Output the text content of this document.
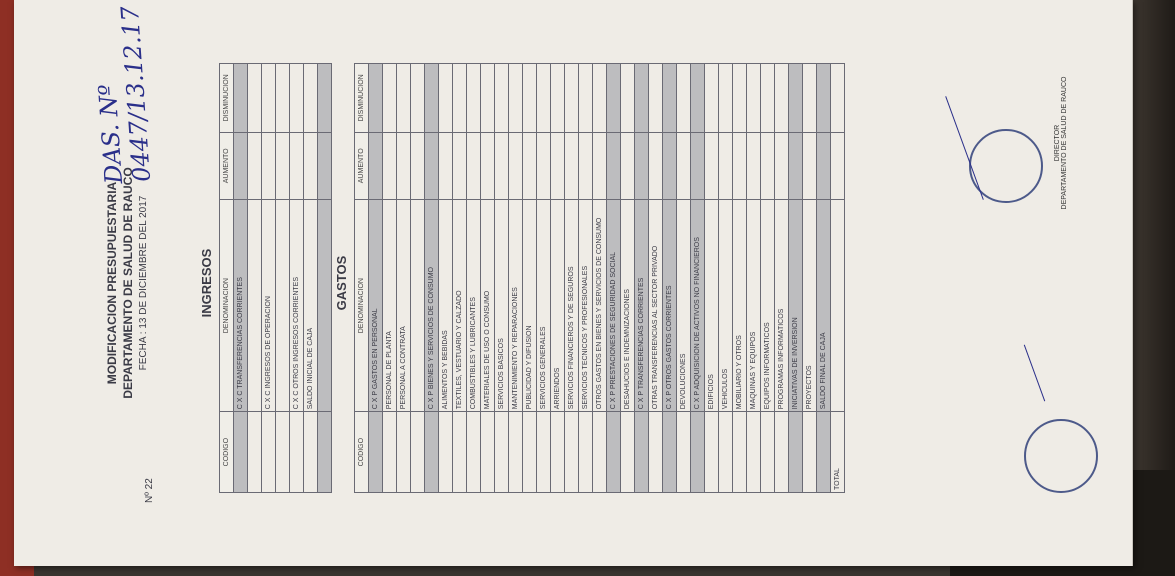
Nº 22
MODIFICACION PRESUPUESTARIA DEPARTAMENTO DE SALUD DE RAUCO FECHA : 13 DE DICIEMBRE DEL 2017
DAS. Nº 0447/13.12.17
INGRESOS
CODIGO	DENOMINACION	AUMENTO	DISMINUCION
	C X C TRANSFERENCIAS CORRIENTES		

	C X C INGRESOS DE OPERACION		

	C X C OTROS INGRESOS CORRIENTES		
	SALDO INICIAL DE CAJA		

GASTOS
CODIGO	DENOMINACION	AUMENTO	DISMINUCION
	C X P GASTOS EN PERSONAL		
	PERSONAL DE PLANTA		
	PERSONAL A CONTRATA		

	C X P BIENES Y SERVICIOS DE CONSUMO		
	ALIMENTOS Y BEBIDAS		
	TEXTILES, VESTUARIO Y CALZADO		
	COMBUSTIBLES Y LUBRICANTES		
	MATERIALES DE USO O CONSUMO		
	SERVICIOS BASICOS		
	MANTENIMIENTO Y REPARACIONES		
	PUBLICIDAD Y DIFUSION		
	SERVICIOS GENERALES		
	ARRIENDOS		
	SERVICIOS FINANCIEROS Y DE SEGUROS		
	SERVICIOS TECNICOS Y PROFESIONALES		
	OTROS GASTOS EN BIENES Y SERVICIOS DE CONSUMO		
	C X P PRESTACIONES DE SEGURIDAD SOCIAL		
	DESAHUCIOS E INDEMNIZACIONES		
	C X P TRANSFERENCIAS CORRIENTES		
	OTRAS TRANSFERENCIAS AL SECTOR PRIVADO		
	C X P OTROS GASTOS CORRIENTES		
	DEVOLUCIONES		
	C X P ADQUISICION DE ACTIVOS NO FINANCIEROS		
	EDIFICIOS		
	VEHICULOS		
	MOBILIARIO Y OTROS		
	MAQUINAS Y EQUIPOS		
	EQUIPOS INFORMATICOS		
	PROGRAMAS INFORMATICOS		
	INICIATIVAS DE INVERSION		
	PROYECTOS		
	SALDO FINAL DE CAJA		
TOTAL			
DIRECTOR DEPARTAMENTO DE SALUD DE RAUCO
